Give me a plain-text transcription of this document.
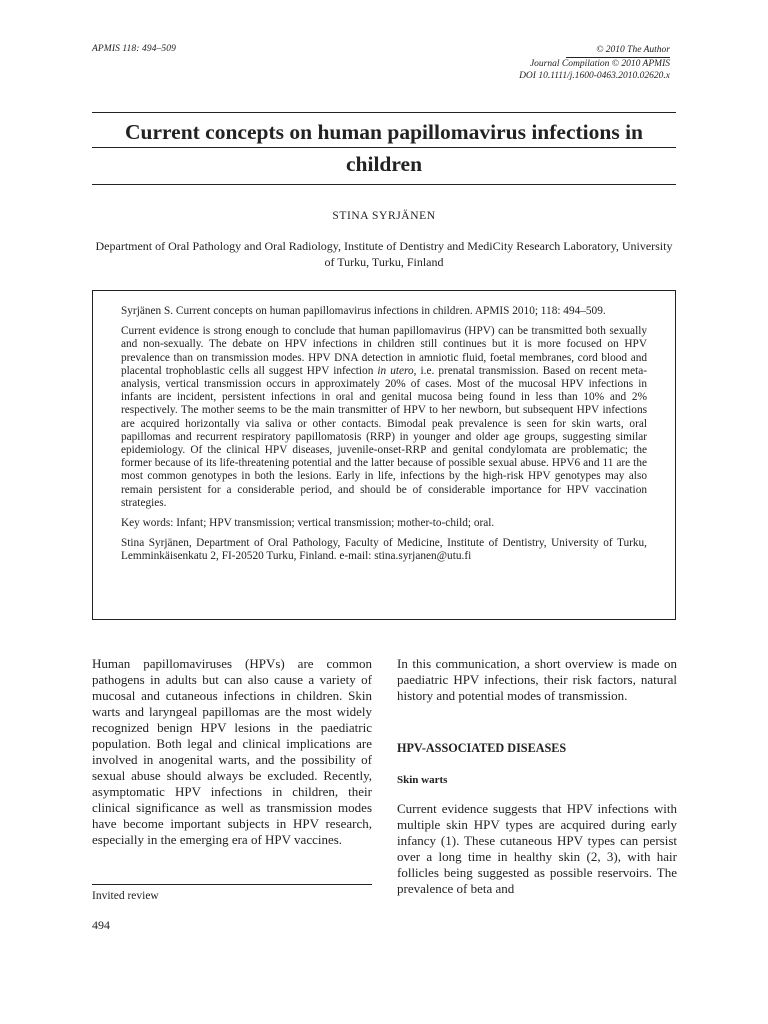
APMIS 118: 494–509	© 2010 The Author
Journal Compilation © 2010 APMIS
DOI 10.1111/j.1600-0463.2010.02620.x
Current concepts on human papillomavirus infections in children
STINA SYRJÄNEN
Department of Oral Pathology and Oral Radiology, Institute of Dentistry and MediCity Research Laboratory, University of Turku, Turku, Finland

Syrjänen S. Current concepts on human papillomavirus infections in children. APMIS 2010; 118: 494–509.

Current evidence is strong enough to conclude that human papillomavirus (HPV) can be transmitted both sexually and non-sexually. The debate on HPV infections in children still continues but it is more focused on HPV prevalence than on transmission modes. HPV DNA detection in amniotic fluid, foetal membranes, cord blood and placental trophoblastic cells all suggest HPV infection in utero, i.e. prenatal transmission. Based on recent meta-analysis, vertical transmission occurs in approximately 20% of cases. Most of the mucosal HPV infections in infants are incident, persistent infections in oral and genital mucosa being found in less than 10% and 2% respectively. The mother seems to be the main transmitter of HPV to her newborn, but subsequent HPV infections are acquired horizontally via saliva or other contacts. Bimodal peak prevalence is seen for skin warts, oral papillomas and recurrent respiratory papillomatosis (RRP) in younger and older age groups, suggesting similar epidemiology. Of the clinical HPV diseases, juvenile-onset-RRP and genital condylomata are problematic; the former because of its life-threatening potential and the latter because of possible sexual abuse. HPV6 and 11 are the most common genotypes in both the lesions. Early in life, infections by the high-risk HPV genotypes may also remain persistent for a considerable period, and should be of considerable importance for HPV vaccination strategies.

Key words: Infant; HPV transmission; vertical transmission; mother-to-child; oral.

Stina Syrjänen, Department of Oral Pathology, Faculty of Medicine, Institute of Dentistry, University of Turku, Lemminkäisenkatu 2, FI-20520 Turku, Finland. e-mail: stina.syrjanen@utu.fi

Human papillomaviruses (HPVs) are common pathogens in adults but can also cause a variety of mucosal and cutaneous infections in children. Skin warts and laryngeal papillomas are the most widely recognized benign HPV lesions in the paediatric population. Both legal and clinical implications are involved in anogenital warts, and the possibility of sexual abuse should always be excluded. Recently, asymptomatic HPV infections in children, their clinical significance as well as transmission modes have become important subjects in HPV research, especially in the emerging era of HPV vaccines.

In this communication, a short overview is made on paediatric HPV infections, their risk factors, natural history and potential modes of transmission.

HPV-ASSOCIATED DISEASES
Skin warts

Current evidence suggests that HPV infections with multiple skin HPV types are acquired during early infancy (1). These cutaneous HPV types can persist over a long time in healthy skin (2, 3), with hair follicles being suggested as possible reservoirs. The prevalence of beta and

Invited review
494
